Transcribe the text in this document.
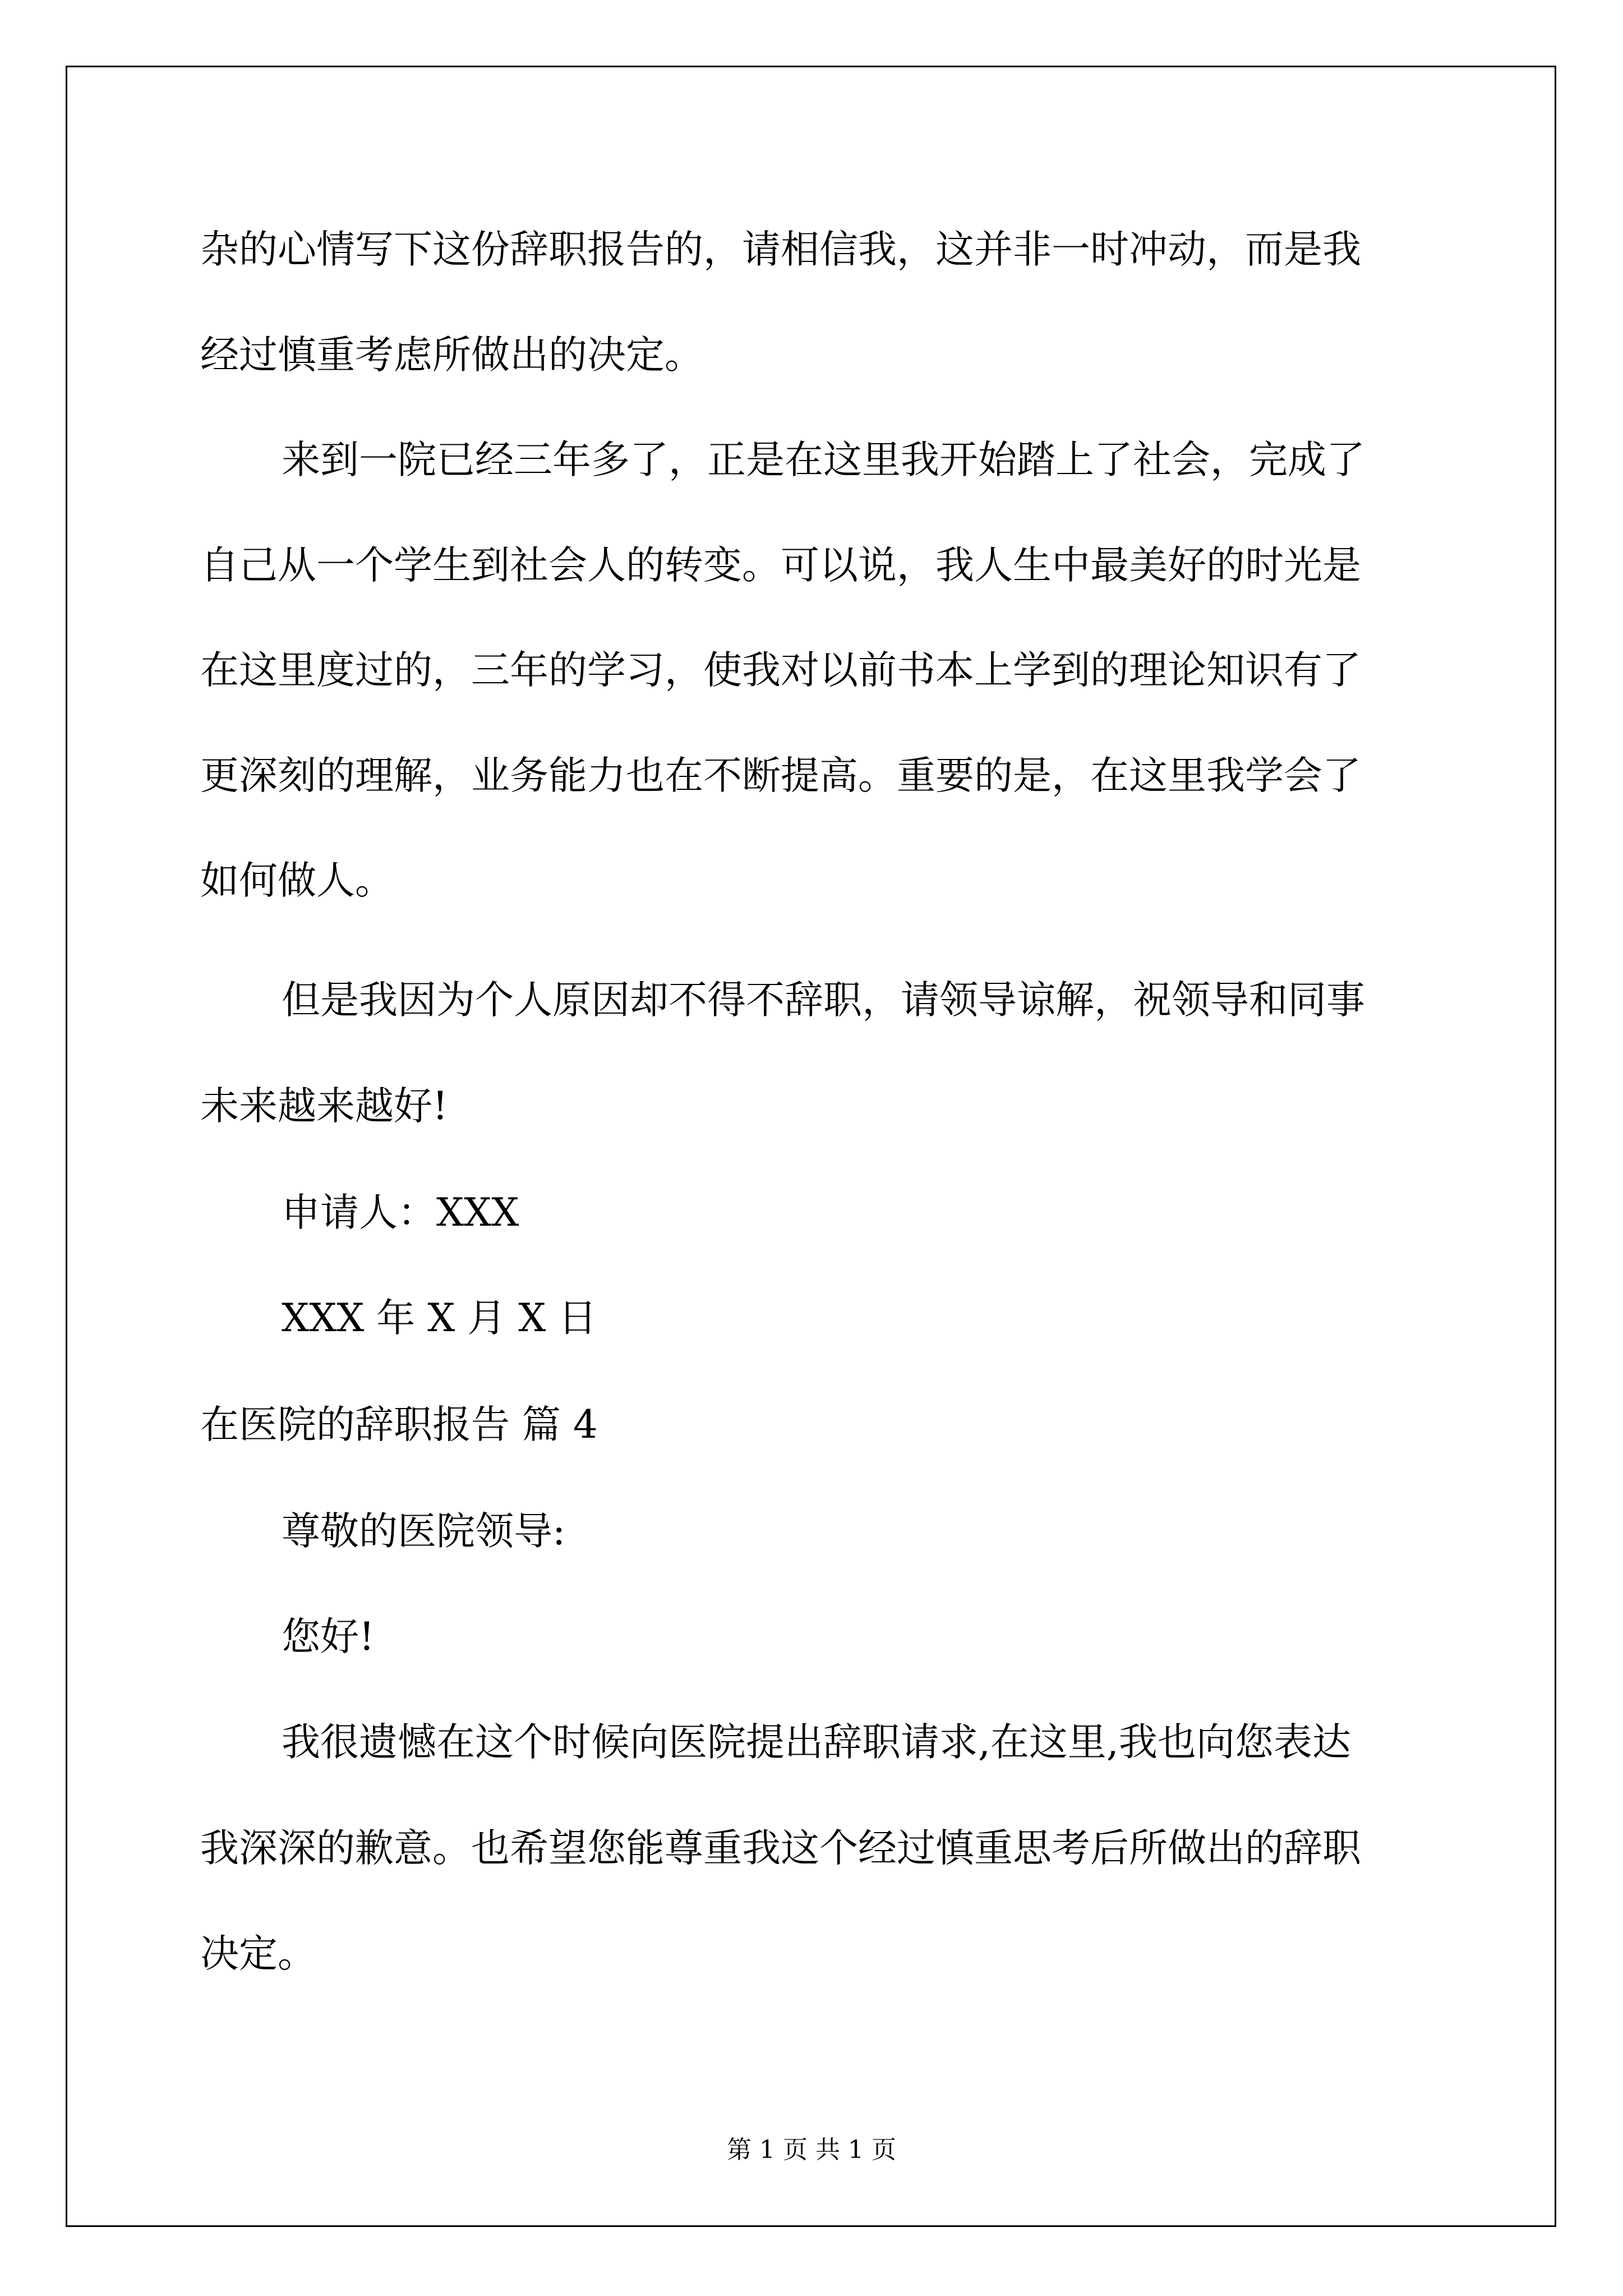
杂的心情写下这份辞职报告的，请相信我，这并非一时冲动，而是我

经过慎重考虑所做出的决定。

来到一院已经三年多了，正是在这里我开始踏上了社会，完成了

自己从一个学生到社会人的转变。可以说，我人生中最美好的时光是

在这里度过的，三年的学习，使我对以前书本上学到的理论知识有了

更深刻的理解，业务能力也在不断提高。重要的是，在这里我学会了

如何做人。

但是我因为个人原因却不得不辞职，请领导谅解，祝领导和同事

未来越来越好!

申请人：XXX

XXX 年 X 月 X 日

在医院的辞职报告 篇 4

尊敬的医院领导:

您好!

我很遗憾在这个时候向医院提出辞职请求,在这里,我也向您表达

我深深的歉意。也希望您能尊重我这个经过慎重思考后所做出的辞职

决定。

第 1 页 共 1 页
